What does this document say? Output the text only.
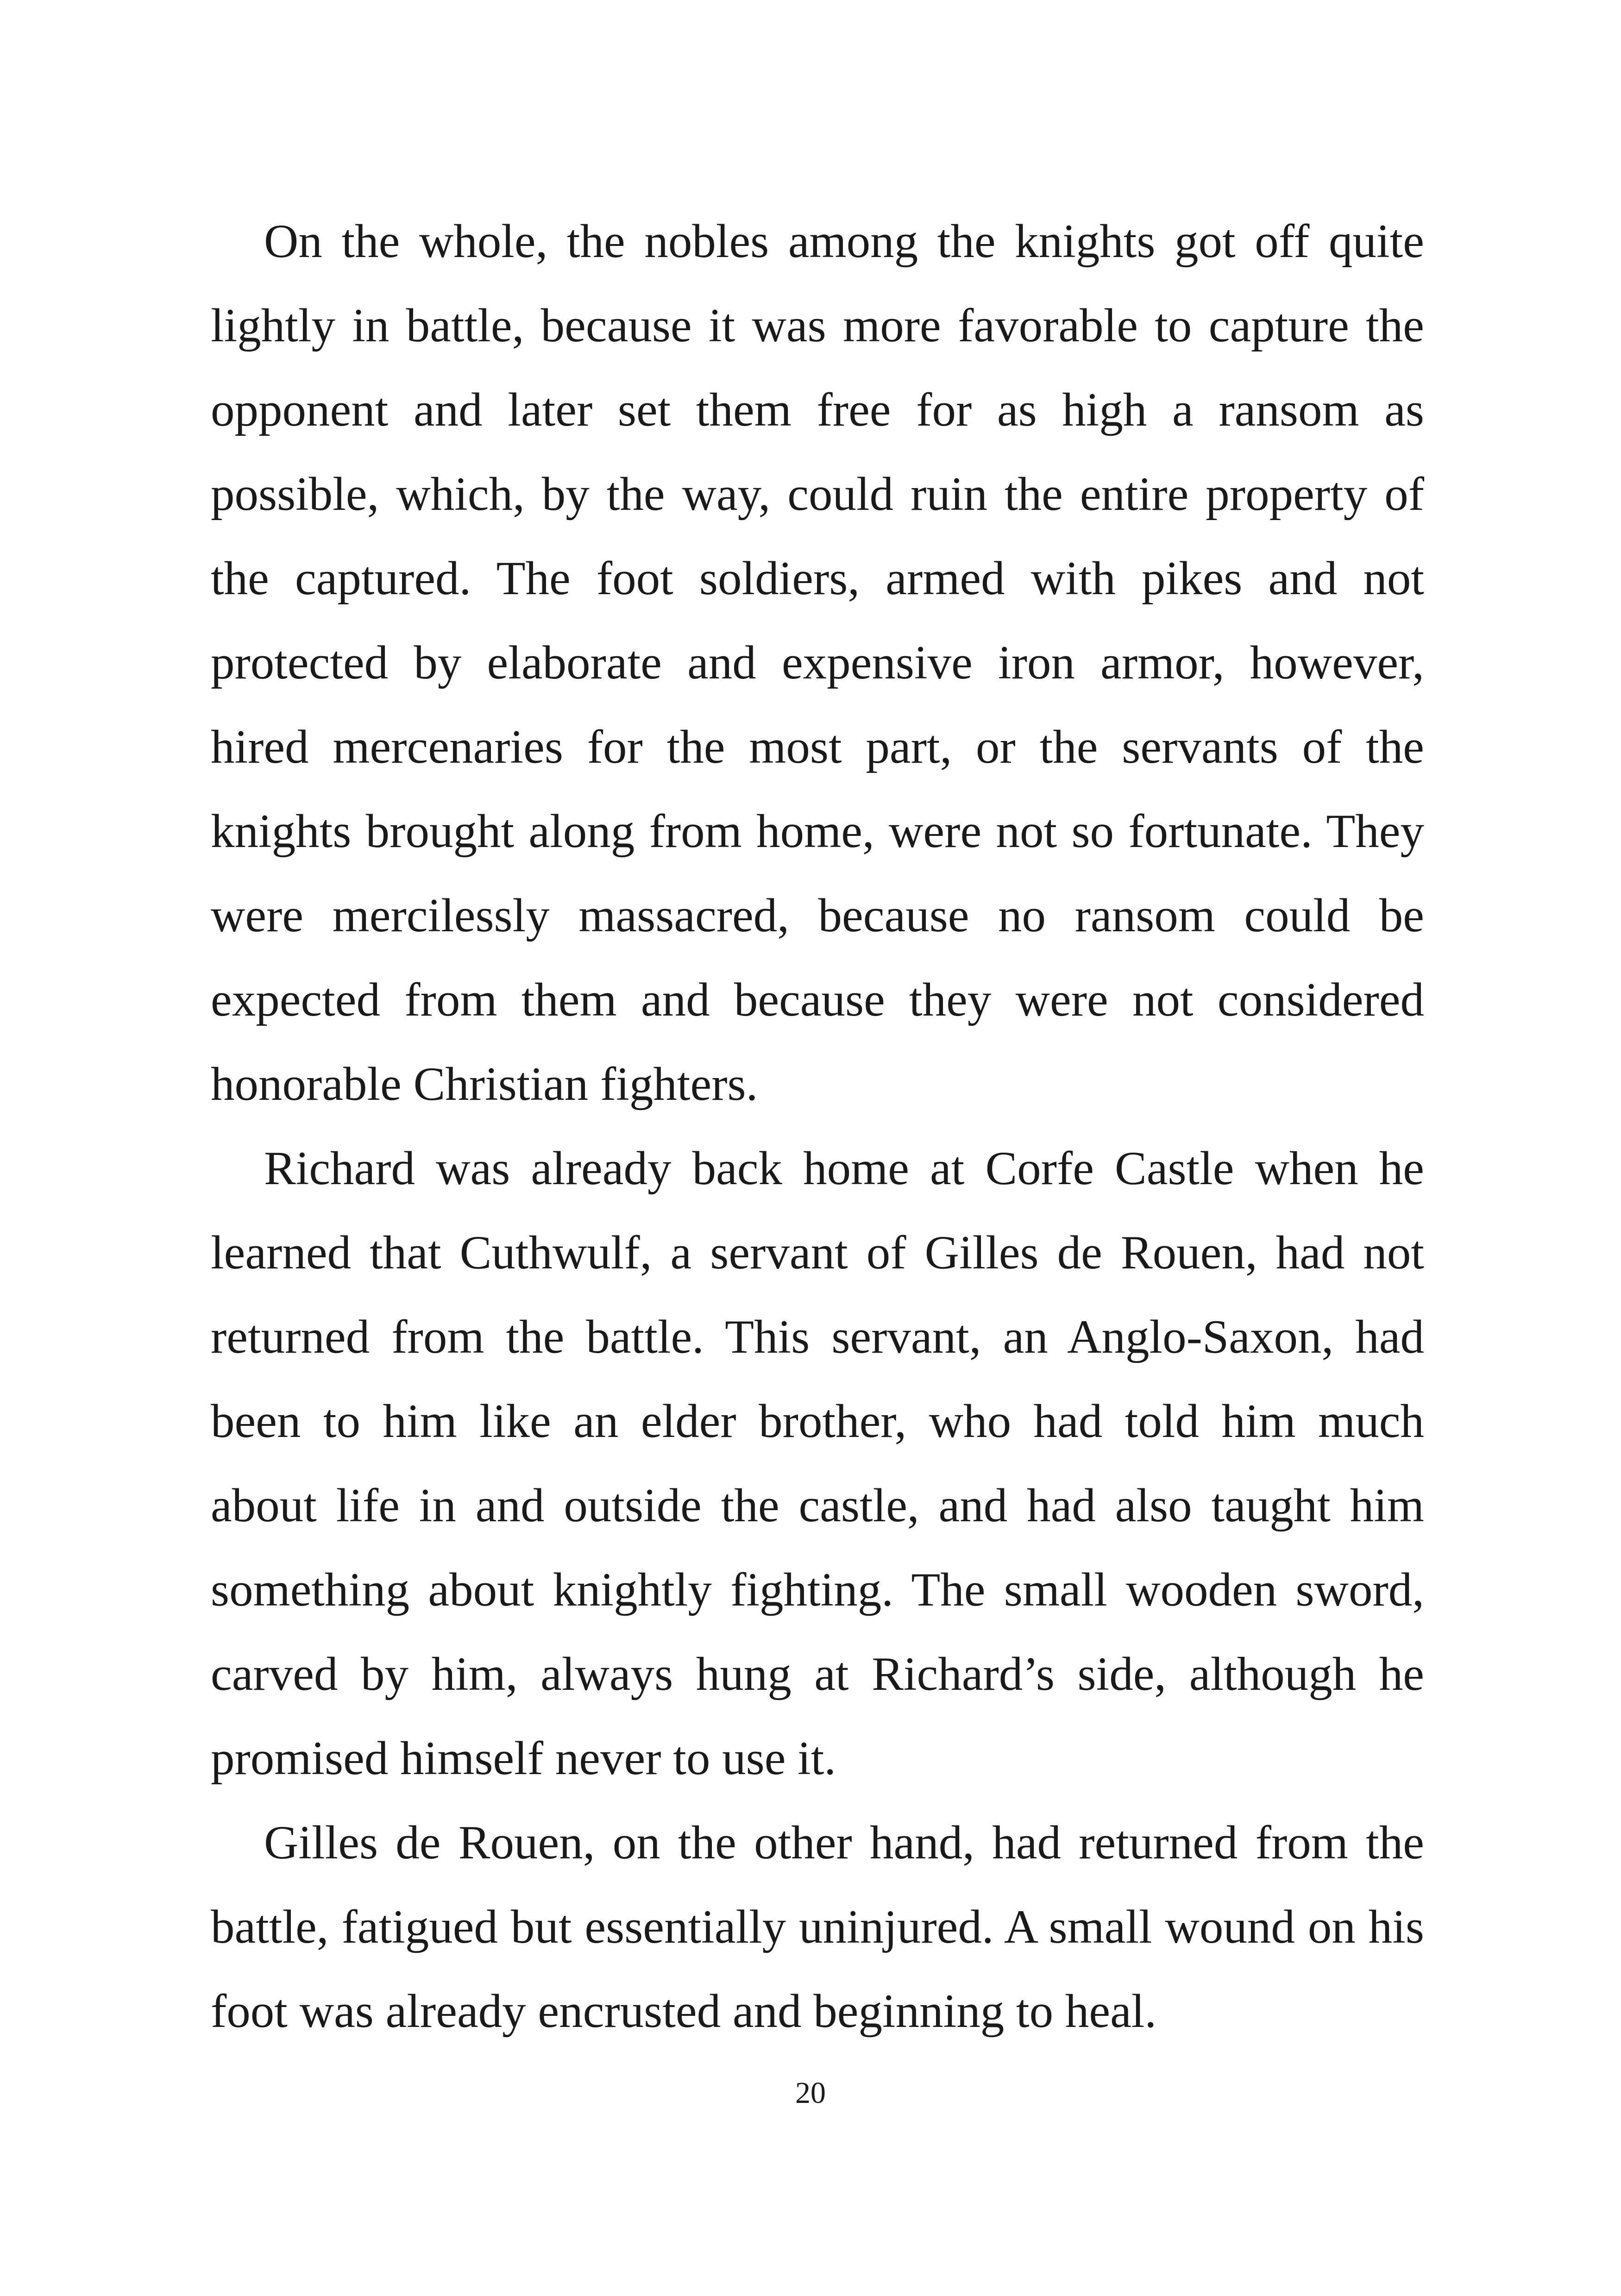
On the whole, the nobles among the knights got off quite lightly in battle, because it was more favorable to capture the opponent and later set them free for as high a ransom as possible, which, by the way, could ruin the entire property of the captured. The foot soldiers, armed with pikes and not protected by elaborate and expensive iron armor, however, hired mercenaries for the most part, or the servants of the knights brought along from home, were not so fortunate. They were mercilessly massacred, because no ransom could be expected from them and because they were not considered honorable Christian fighters.

Richard was already back home at Corfe Castle when he learned that Cuthwulf, a servant of Gilles de Rouen, had not returned from the battle. This servant, an Anglo-Saxon, had been to him like an elder brother, who had told him much about life in and outside the castle, and had also taught him something about knightly fighting. The small wooden sword, carved by him, always hung at Richard’s side, although he promised himself never to use it.

Gilles de Rouen, on the other hand, had returned from the battle, fatigued but essentially uninjured. A small wound on his foot was already encrusted and beginning to heal.

20
